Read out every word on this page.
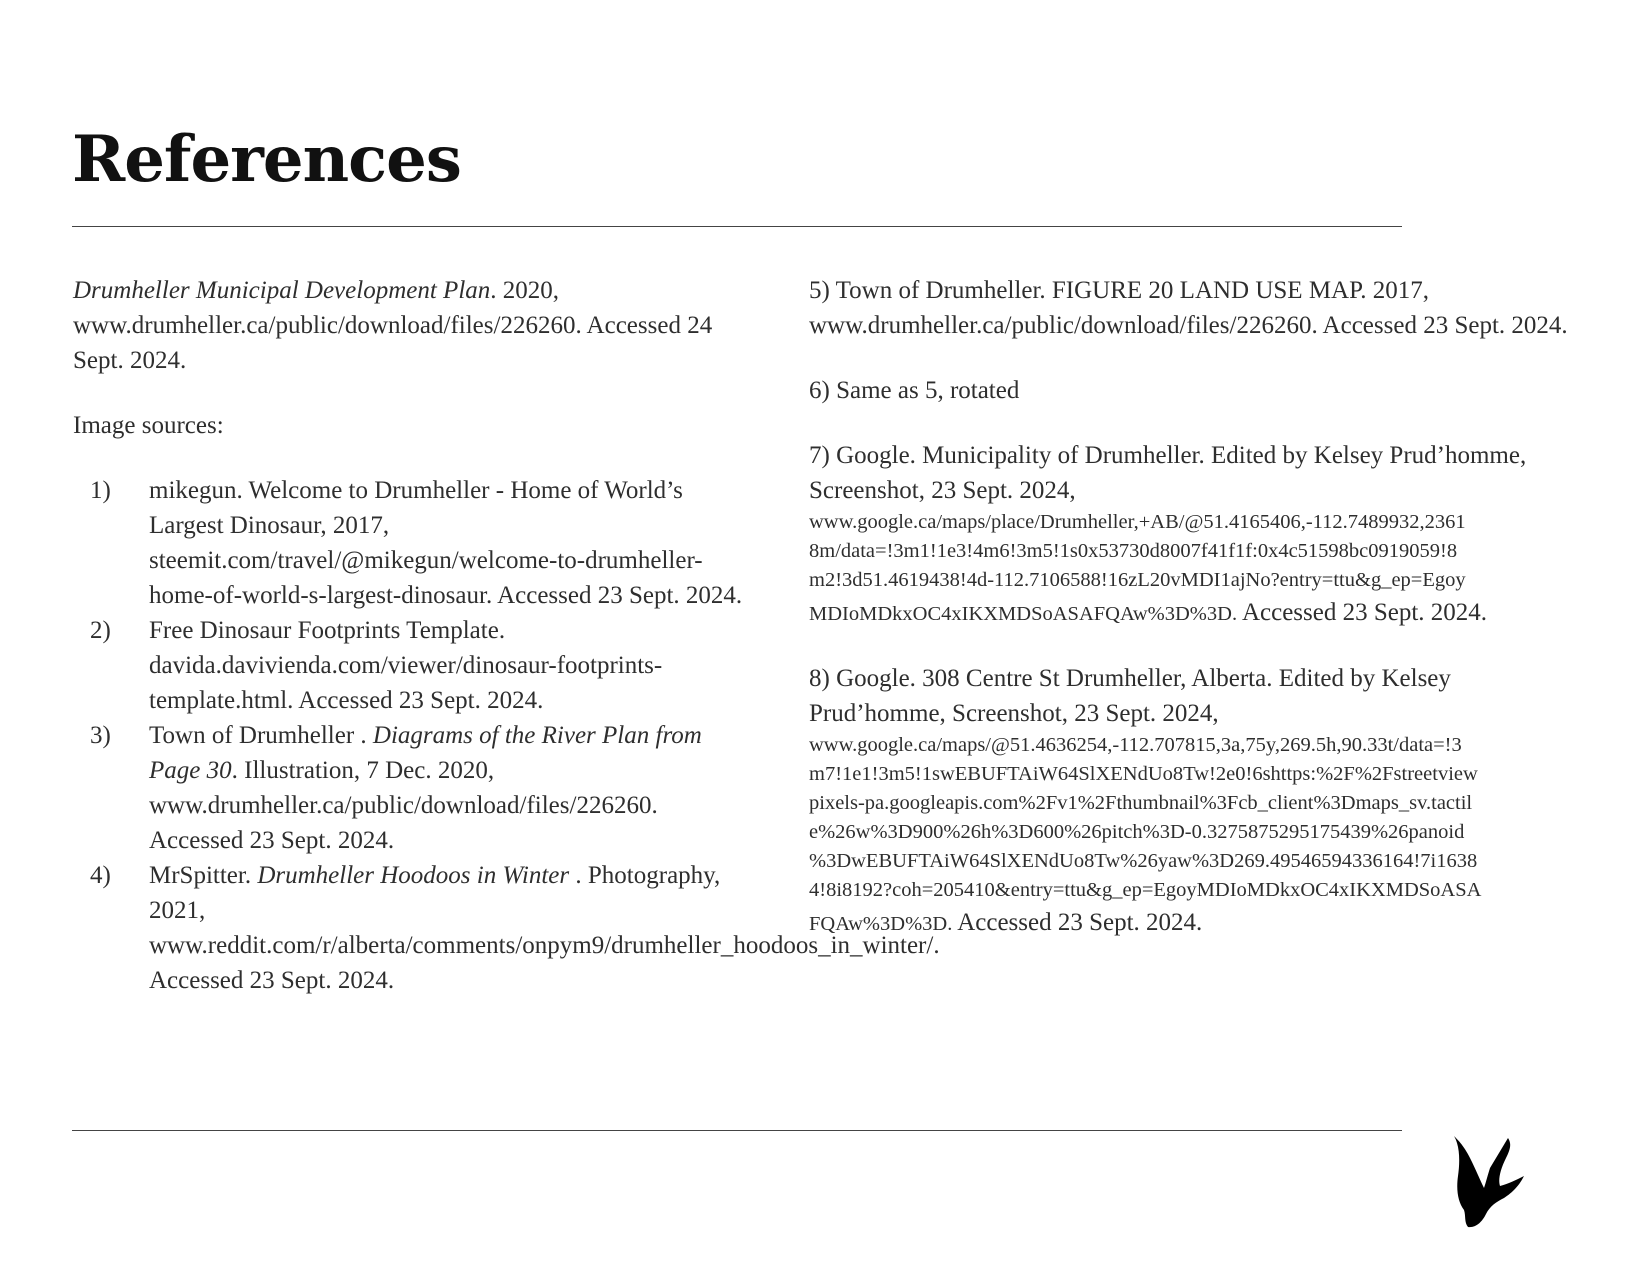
References

Drumheller Municipal Development Plan. 2020, www.drumheller.ca/public/download/files/226260. Accessed 24 Sept. 2024.

Image sources:

1)	mikegun. Welcome to Drumheller - Home of World’s Largest Dinosaur, 2017, steemit.com/travel/@mikegun/welcome-to-drumheller-home-of-world-s-largest-dinosaur. Accessed 23 Sept. 2024.
2)	Free Dinosaur Footprints Template. davida.davivienda.com/viewer/dinosaur-footprints-template.html. Accessed 23 Sept. 2024.
3)	Town of Drumheller . Diagrams of the River Plan from Page 30. Illustration, 7 Dec. 2020, www.drumheller.ca/public/download/files/226260. Accessed 23 Sept. 2024.
4)	MrSpitter. Drumheller Hoodoos in Winter . Photography, 2021, www.reddit.com/r/alberta/comments/onpym9/drumheller_hoodoos_in_winter/. Accessed 23 Sept. 2024.

5) Town of Drumheller. FIGURE 20 LAND USE MAP. 2017, www.drumheller.ca/public/download/files/226260. Accessed 23 Sept. 2024.

6) Same as 5, rotated

7) Google. Municipality of Drumheller. Edited by Kelsey Prud’homme, Screenshot, 23 Sept. 2024,
www.google.ca/maps/place/Drumheller,+AB/@51.4165406,-112.7489932,2361
8m/data=!3m1!1e3!4m6!3m5!1s0x53730d8007f41f1f:0x4c51598bc0919059!8
m2!3d51.4619438!4d-112.7106588!16zL20vMDI1ajNo?entry=ttu&g_ep=Egoy
MDIoMDkxOC4xIKXMDSoASAFQAw%3D%3D. Accessed 23 Sept. 2024.
8) Google. 308 Centre St Drumheller, Alberta. Edited by Kelsey Prud’homme, Screenshot, 23 Sept. 2024,
www.google.ca/maps/@51.4636254,-112.707815,3a,75y,269.5h,90.33t/data=!3
m7!1e1!3m5!1swEBUFTAiW64SlXENdUo8Tw!2e0!6shttps:%2F%2Fstreetview
pixels-pa.googleapis.com%2Fv1%2Fthumbnail%3Fcb_client%3Dmaps_sv.tactil
e%26w%3D900%26h%3D600%26pitch%3D-0.3275875295175439%26panoid
%3DwEBUFTAiW64SlXENdUo8Tw%26yaw%3D269.49546594336164!7i1638
4!8i8192?coh=205410&entry=ttu&g_ep=EgoyMDIoMDkxOC4xIKXMDSoASA
FQAw%3D%3D. Accessed 23 Sept. 2024.
